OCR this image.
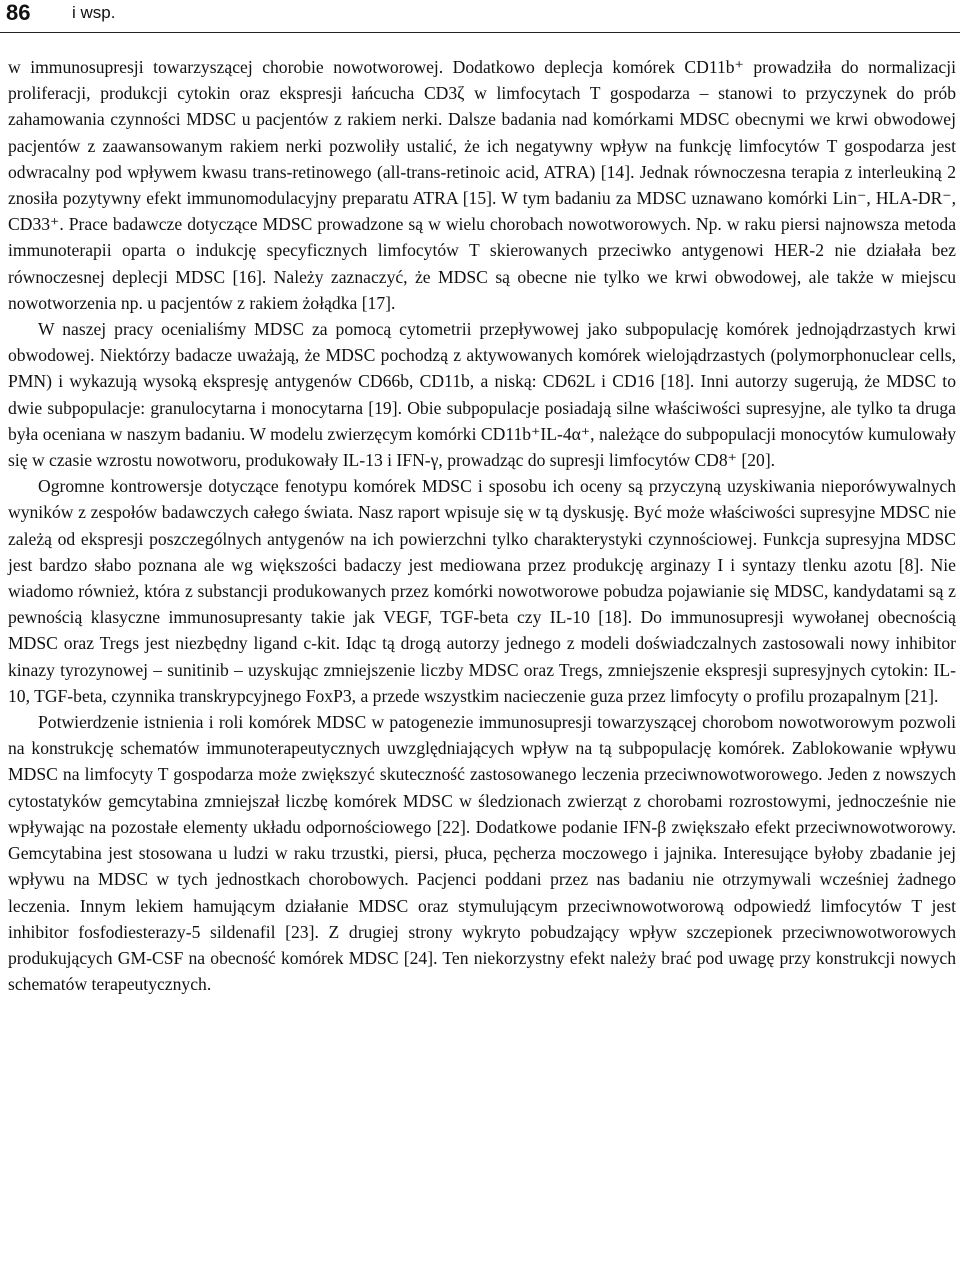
86 i wsp.

w immunosupresji towarzyszącej chorobie nowotworowej. Dodatkowo deplecja komórek CD11b⁺ prowadziła do normalizacji proliferacji, produkcji cytokin oraz ekspresji łańcucha CD3ζ w limfocytach T gospodarza – stanowi to przyczynek do prób zahamowania czynności MDSC u pacjentów z rakiem nerki. Dalsze badania nad komórkami MDSC obecnymi we krwi obwodowej pacjentów z zaawansowanym rakiem nerki pozwoliły ustalić, że ich negatywny wpływ na funkcję limfocytów T gospodarza jest odwracalny pod wpływem kwasu trans-retinowego (all-trans-retinoic acid, ATRA) [14]. Jednak równoczesna terapia z interleukiną 2 znosiła pozytywny efekt immunomodulacyjny preparatu ATRA [15]. W tym badaniu za MDSC uznawano komórki Lin⁻, HLA-DR⁻, CD33⁺. Prace badawcze dotyczące MDSC prowadzone są w wielu chorobach nowotworowych. Np. w raku piersi najnowsza metoda immunoterapii oparta o indukcję specyficznych limfocytów T skierowanych przeciwko antygenowi HER-2 nie działała bez równoczesnej deplecji MDSC [16]. Należy zaznaczyć, że MDSC są obecne nie tylko we krwi obwodowej, ale także w miejscu nowotworzenia np. u pacjentów z rakiem żołądka [17].

W naszej pracy ocenialiśmy MDSC za pomocą cytometrii przepływowej jako subpopulację komórek jednojądrzastych krwi obwodowej. Niektórzy badacze uważają, że MDSC pochodzą z aktywowanych komórek wielojądrzastych (polymorphonuclear cells, PMN) i wykazują wysoką ekspresję antygenów CD66b, CD11b, a niską: CD62L i CD16 [18]. Inni autorzy sugerują, że MDSC to dwie subpopulacje: granulocytarna i monocytarna [19]. Obie subpopulacje posiadają silne właściwości supresyjne, ale tylko ta druga była oceniana w naszym badaniu. W modelu zwierzęcym komórki CD11b⁺IL-4α⁺, należące do subpopulacji monocytów kumulowały się w czasie wzrostu nowotworu, produkowały IL-13 i IFN-γ, prowadząc do supresji limfocytów CD8⁺ [20].

Ogromne kontrowersje dotyczące fenotypu komórek MDSC i sposobu ich oceny są przyczyną uzyskiwania nieporówywalnych wyników z zespołów badawczych całego świata. Nasz raport wpisuje się w tą dyskusję. Być może właściwości supresyjne MDSC nie zależą od ekspresji poszczególnych antygenów na ich powierzchni tylko charakterystyki czynnościowej. Funkcja supresyjna MDSC jest bardzo słabo poznana ale wg większości badaczy jest mediowana przez produkcję arginazy I i syntazy tlenku azotu [8]. Nie wiadomo również, która z substancji produkowanych przez komórki nowotworowe pobudza pojawianie się MDSC, kandydatami są z pewnością klasyczne immunosupresanty takie jak VEGF, TGF-beta czy IL-10 [18]. Do immunosupresji wywołanej obecnością MDSC oraz Tregs jest niezbędny ligand c-kit. Idąc tą drogą autorzy jednego z modeli doświadczalnych zastosowali nowy inhibitor kinazy tyrozynowej – sunitinib – uzyskując zmniejszenie liczby MDSC oraz Tregs, zmniejszenie ekspresji supresyjnych cytokin: IL-10, TGF-beta, czynnika transkrypcyjnego FoxP3, a przede wszystkim nacieczenie guza przez limfocyty o profilu prozapalnym [21].

Potwierdzenie istnienia i roli komórek MDSC w patogenezie immunosupresji towarzyszącej chorobom nowotworowym pozwoli na konstrukcję schematów immunoterapeutycznych uwzględniających wpływ na tą subpopulację komórek. Zablokowanie wpływu MDSC na limfocyty T gospodarza może zwiększyć skuteczność zastosowanego leczenia przeciwnowotworowego. Jeden z nowszych cytostatyków gemcytabina zmniejszał liczbę komórek MDSC w śledzionach zwierząt z chorobami rozrostowymi, jednocześnie nie wpływając na pozostałe elementy układu odpornościowego [22]. Dodatkowe podanie IFN-β zwiększało efekt przeciwnowotworowy. Gemcytabina jest stosowana u ludzi w raku trzustki, piersi, płuca, pęcherza moczowego i jajnika. Interesujące byłoby zbadanie jej wpływu na MDSC w tych jednostkach chorobowych. Pacjenci poddani przez nas badaniu nie otrzymywali wcześniej żadnego leczenia. Innym lekiem hamującym działanie MDSC oraz stymulującym przeciwnowotworową odpowiedź limfocytów T jest inhibitor fosfodiesterazy-5 sildenafil [23]. Z drugiej strony wykryto pobudzający wpływ szczepionek przeciwnowotworowych produkujących GM-CSF na obecność komórek MDSC [24]. Ten niekorzystny efekt należy brać pod uwagę przy konstrukcji nowych schematów terapeutycznych.
